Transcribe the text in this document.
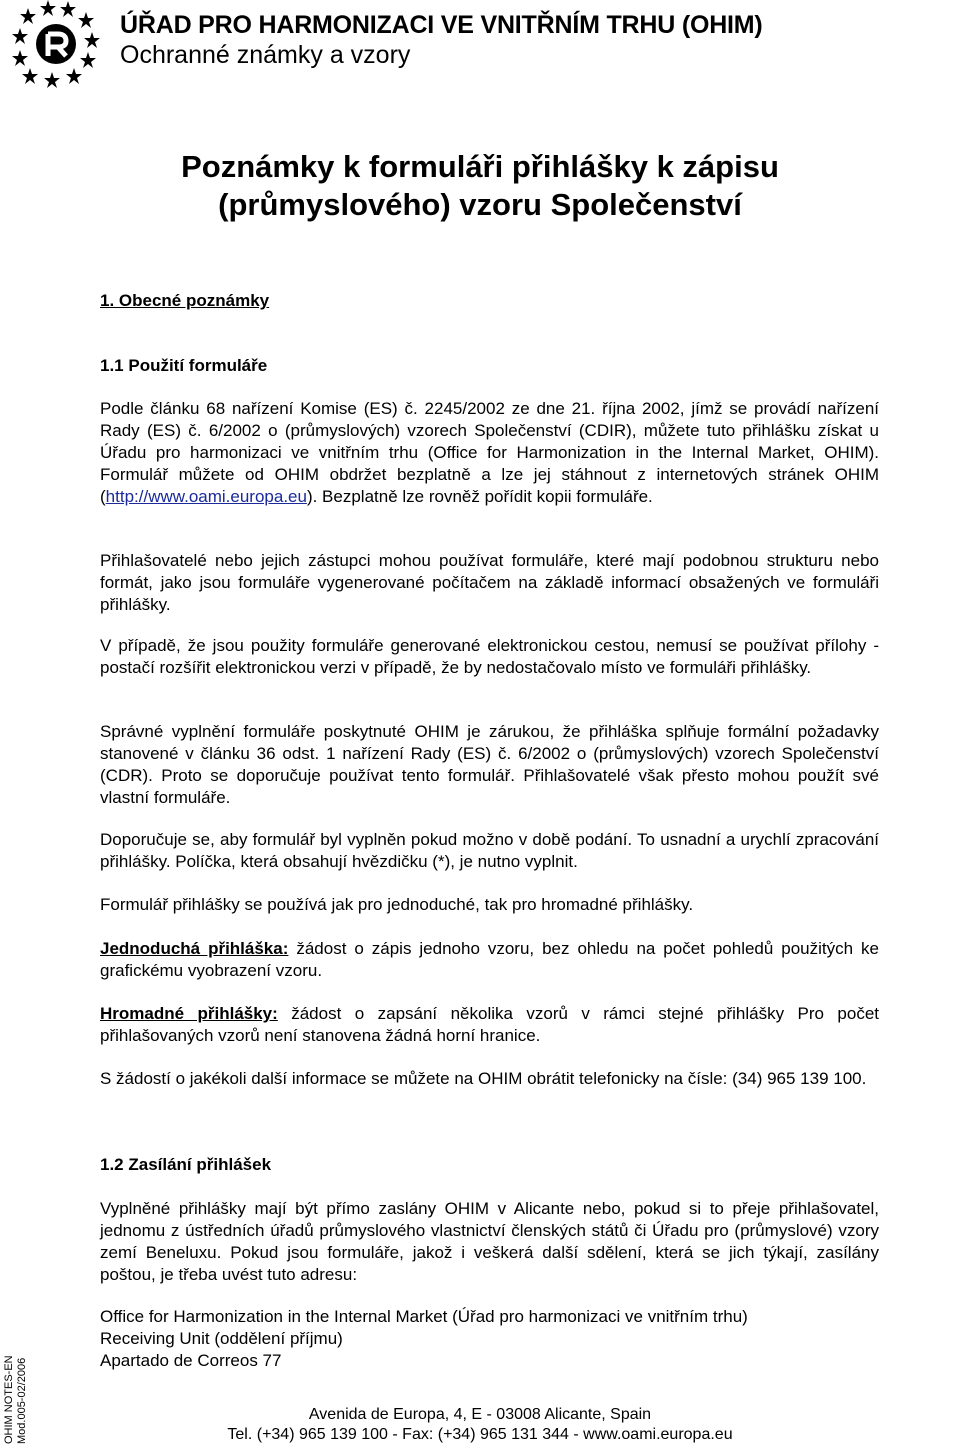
ÚŘAD PRO HARMONIZACI VE VNITŘNÍM TRHU (OHIM)
Ochranné známky a vzory
Poznámky k formuláři přihlášky k zápisu
(průmyslového) vzoru Společenství
1. Obecné poznámky
1.1 Použití formuláře

Podle článku 68 nařízení Komise (ES) č. 2245/2002 ze dne 21. října 2002, jímž se provádí nařízení Rady (ES) č. 6/2002 o (průmyslových) vzorech Společenství (CDIR), můžete tuto přihlášku získat u Úřadu pro harmonizaci ve vnitřním trhu (Office for Harmonization in the Internal Market, OHIM). Formulář můžete od OHIM obdržet bezplatně a lze jej stáhnout z internetových stránek OHIM (http://www.oami.europa.eu). Bezplatně lze rovněž pořídit kopii formuláře.

Přihlašovatelé nebo jejich zástupci mohou používat formuláře, které mají podobnou strukturu nebo formát, jako jsou formuláře vygenerované počítačem na základě informací obsažených ve formuláři přihlášky.

V případě, že jsou použity formuláře generované elektronickou cestou, nemusí se používat přílohy - postačí rozšířit elektronickou verzi v případě, že by nedostačovalo místo ve formuláři přihlášky.

Správné vyplnění formuláře poskytnuté OHIM je zárukou, že přihláška splňuje formální požadavky stanovené v článku 36 odst. 1 nařízení Rady (ES) č. 6/2002 o (průmyslových) vzorech Společenství (CDR). Proto se doporučuje používat tento formulář. Přihlašovatelé však přesto mohou použít své vlastní formuláře.

Doporučuje se, aby formulář byl vyplněn pokud možno v době podání. To usnadní a urychlí zpracování přihlášky. Políčka, která obsahují hvězdičku (*), je nutno vyplnit.

Formulář přihlášky se používá jak pro jednoduché, tak pro hromadné přihlášky.

Jednoduchá přihláška: žádost o zápis jednoho vzoru, bez ohledu na počet pohledů použitých ke grafickému vyobrazení vzoru.

Hromadné přihlášky: žádost o zapsání několika vzorů v rámci stejné přihlášky Pro počet přihlašovaných vzorů není stanovena žádná horní hranice.

S žádostí o jakékoli další informace se můžete na OHIM obrátit telefonicky na čísle: (34) 965 139 100.

1.2 Zasílání přihlášek

Vyplněné přihlášky mají být přímo zaslány OHIM v Alicante nebo, pokud si to přeje přihlašovatel, jednomu z ústředních úřadů průmyslového vlastnictví členských států či Úřadu pro (průmyslové) vzory zemí Beneluxu. Pokud jsou formuláře, jakož i veškerá další sdělení, která se jich týkají, zasílány poštou, je třeba uvést tuto adresu:

Office for Harmonization in the Internal Market (Úřad pro harmonizaci ve vnitřním trhu)
Receiving Unit (oddělení příjmu)
Apartado de Correos 77
Avenida de Europa, 4, E - 03008 Alicante, Spain
Tel. (+34) 965 139 100 - Fax: (+34) 965 131 344 - www.oami.europa.eu
OHIM NOTES-EN Mod.005-02/2006
